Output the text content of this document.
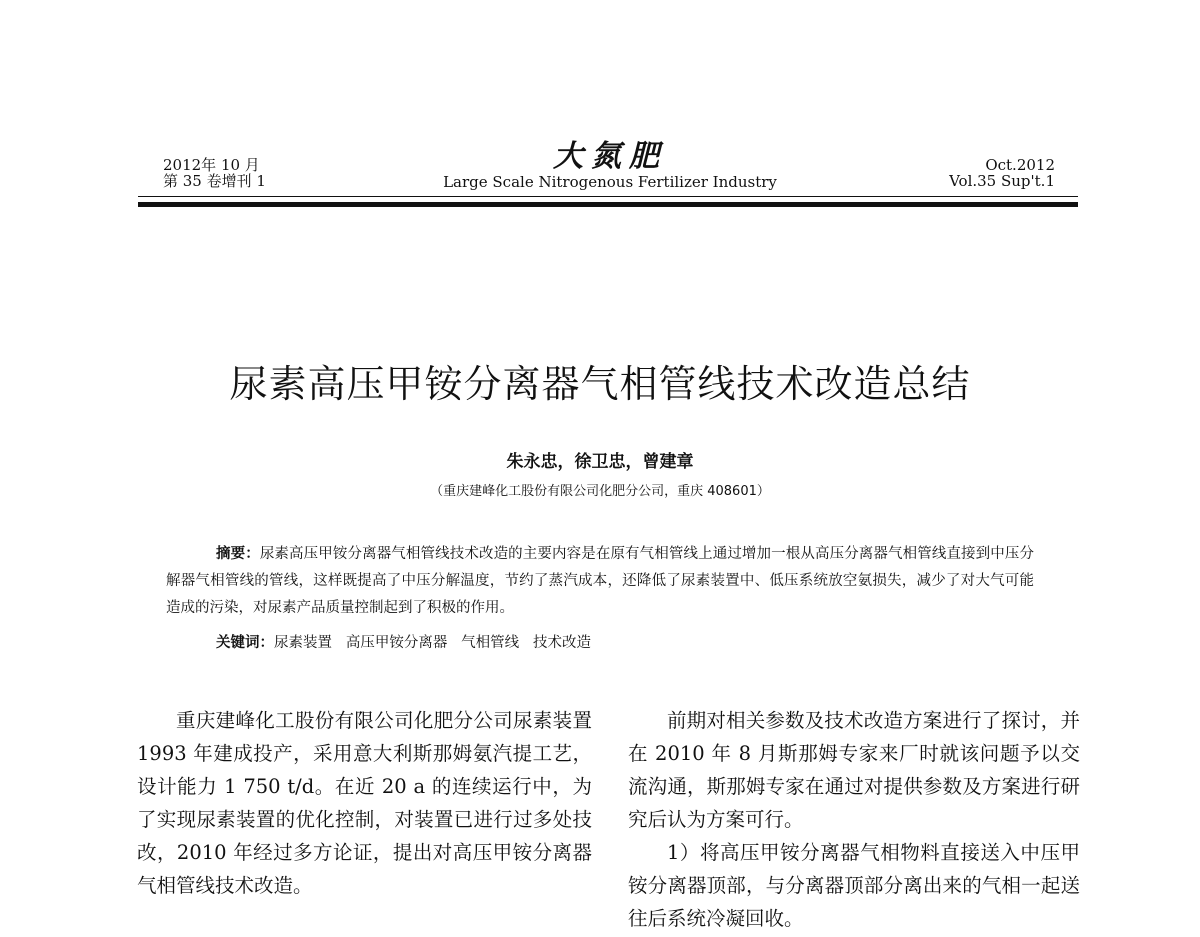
2012年 10 月
第 35 卷增刊 1
大氮肥
Large Scale Nitrogenous Fertilizer Industry
Oct.2012
Vol.35 Sup't.1
尿素高压甲铵分离器气相管线技术改造总结
朱永忠，徐卫忠，曾建章
（重庆建峰化工股份有限公司化肥分公司，重庆 408601）
摘要：尿素高压甲铵分离器气相管线技术改造的主要内容是在原有气相管线上通过增加一根从高压分离器气相管线直接到中压分解器气相管线的管线，这样既提高了中压分解温度，节约了蒸汽成本，还降低了尿素装置中、低压系统放空氨损失，减少了对大气可能造成的污染，对尿素产品质量控制起到了积极的作用。
关键词：尿素装置   高压甲铵分离器   气相管线   技术改造

重庆建峰化工股份有限公司化肥分公司尿素装置 1993 年建成投产，采用意大利斯那姆氨汽提工艺，设计能力 1 750 t/d。在近 20 a 的连续运行中，为了实现尿素装置的优化控制，对装置已进行过多处技改，2010 年经过多方论证，提出对高压甲铵分离器气相管线技术改造。

前期对相关参数及技术改造方案进行了探讨，并在 2010 年 8 月斯那姆专家来厂时就该问题予以交流沟通，斯那姆专家在通过对提供参数及方案进行研究后认为方案可行。

1）将高压甲铵分离器气相物料直接送入中压甲铵分离器顶部，与分离器顶部分离出来的气相一起送往后系统冷凝回收。
